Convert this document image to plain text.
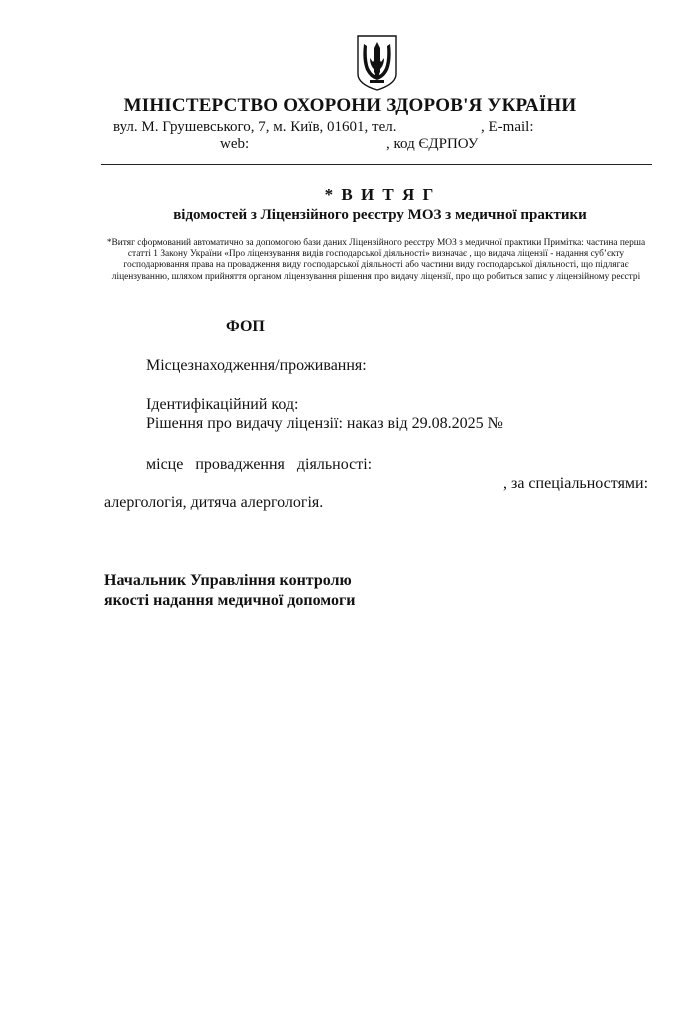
МІНІСТЕРСТВО ОХОРОНИ ЗДОРОВ'Я УКРАЇНИ
вул. М. Грушевського, 7, м. Київ, 01601, тел.	, E-mail:
web:	, код ЄДРПОУ
* В И Т Я Г
відомостей з Ліцензійного реєстру МОЗ з медичної практики
*Витяг сформований автоматично за допомогою бази даних Ліцензійного реєстру МОЗ з медичної практики Примітка: частина перша статті 1 Закону України «Про ліцензування видів господарської діяльності» визначає , що видача ліцензії - надання суб’єкту господарювання права на провадження виду господарської діяльності або частини виду господарської діяльності, що підлягає ліцензуванню, шляхом прийняття органом ліцензування рішення про видачу ліцензії, про що робиться запис у ліцензійному реєстрі
ФОП
Місцезнаходження/проживання:
Ідентифікаційний код:
Рішення про видачу ліцензії: наказ від 29.08.2025 №
місце   провадження   діяльності:
, за спеціальностями:
алергологія, дитяча алергологія.
Начальник Управління контролю
якості надання медичної допомоги
